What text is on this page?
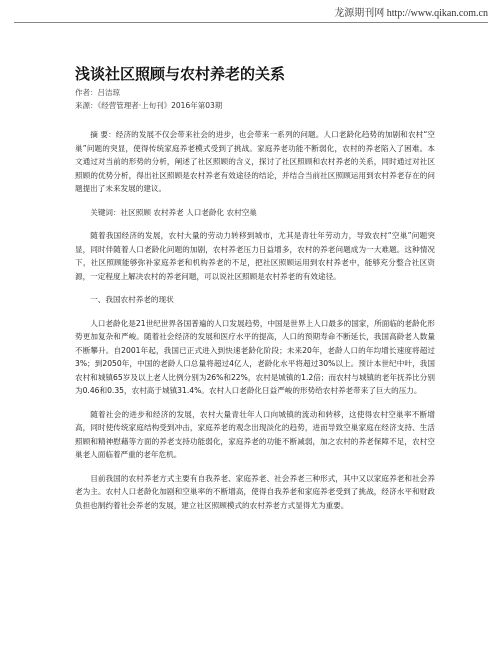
龙源期刊网 http://www.qikan.com.cn
浅谈社区照顾与农村养老的关系
作者：吕洁琼
来源：《经营管理者·上旬刊》2016年第03期

摘 要：经济的发展不仅会带来社会的进步，也会带来一系列的问题。人口老龄化趋势的加剧和农村“空巢”问题的突显，使得传统家庭养老模式受到了挑战。家庭养老功能不断弱化，农村的养老陷入了困难。本文通过对当前的形势的分析，阐述了社区照顾的含义，探讨了社区照顾和农村养老的关系，同时通过对社区照顾的优势分析，得出社区照顾是农村养老有效途径的结论，并结合当前社区照顾运用到农村养老存在的问题提出了未来发展的建议。

关键词：社区照顾 农村养老 人口老龄化 农村空巢

随着我国经济的发展，农村大量的劳动力转移到城市，尤其是青壮年劳动力，导致农村“空巢”问题突显，同时伴随着人口老龄化问题的加剧，农村养老压力日益增多，农村的养老问题成为一大难题。这种情况下，社区照顾能够弥补家庭养老和机构养老的不足，把社区照顾运用到农村养老中，能够充分整合社区资源，一定程度上解决农村的养老问题，可以说社区照顾是农村养老的有效途径。

一、我国农村养老的现状

人口老龄化是21世纪世界各国普遍的人口发展趋势，中国是世界上人口最多的国家，所面临的老龄化形势更加复杂和严峻。随着社会经济的发展和医疗水平的提高，人口的预期寿命不断延长，我国高龄老人数量不断攀升。自2001年起，我国已正式进入到快速老龄化阶段；未来20年，老龄人口的年均增长速度将超过3%；到2050年，中国的老龄人口总量将超过4亿人，老龄化水平将超过30%以上。预计本世纪中叶，我国农村和城镇65岁及以上老人比例分别为26%和22%，农村是城镇的1.2倍；而农村与城镇的老年抚养比分别为0.46和0.35，农村高于城镇31.4%。农村人口老龄化日益严峻的形势给农村养老带来了巨大的压力。

随着社会的进步和经济的发展，农村大量青壮年人口向城镇的流动和转移，这使得农村空巢率不断增高，同时使传统家庭结构受到冲击，家庭养老的观念出现淡化的趋势，进而导致空巢家庭在经济支持、生活照顾和精神慰藉等方面的养老支持功能弱化，家庭养老的功能不断减弱，加之农村的养老保障不足，农村空巢老人面临着严重的老年危机。

目前我国的农村养老方式主要有自我养老、家庭养老、社会养老三种形式，其中又以家庭养老和社会养老为主。农村人口老龄化加剧和空巢率的不断增高，使得自我养老和家庭养老受到了挑战，经济水平和财政负担也制约着社会养老的发展，建立社区照顾模式的农村养老方式显得尤为重要。
